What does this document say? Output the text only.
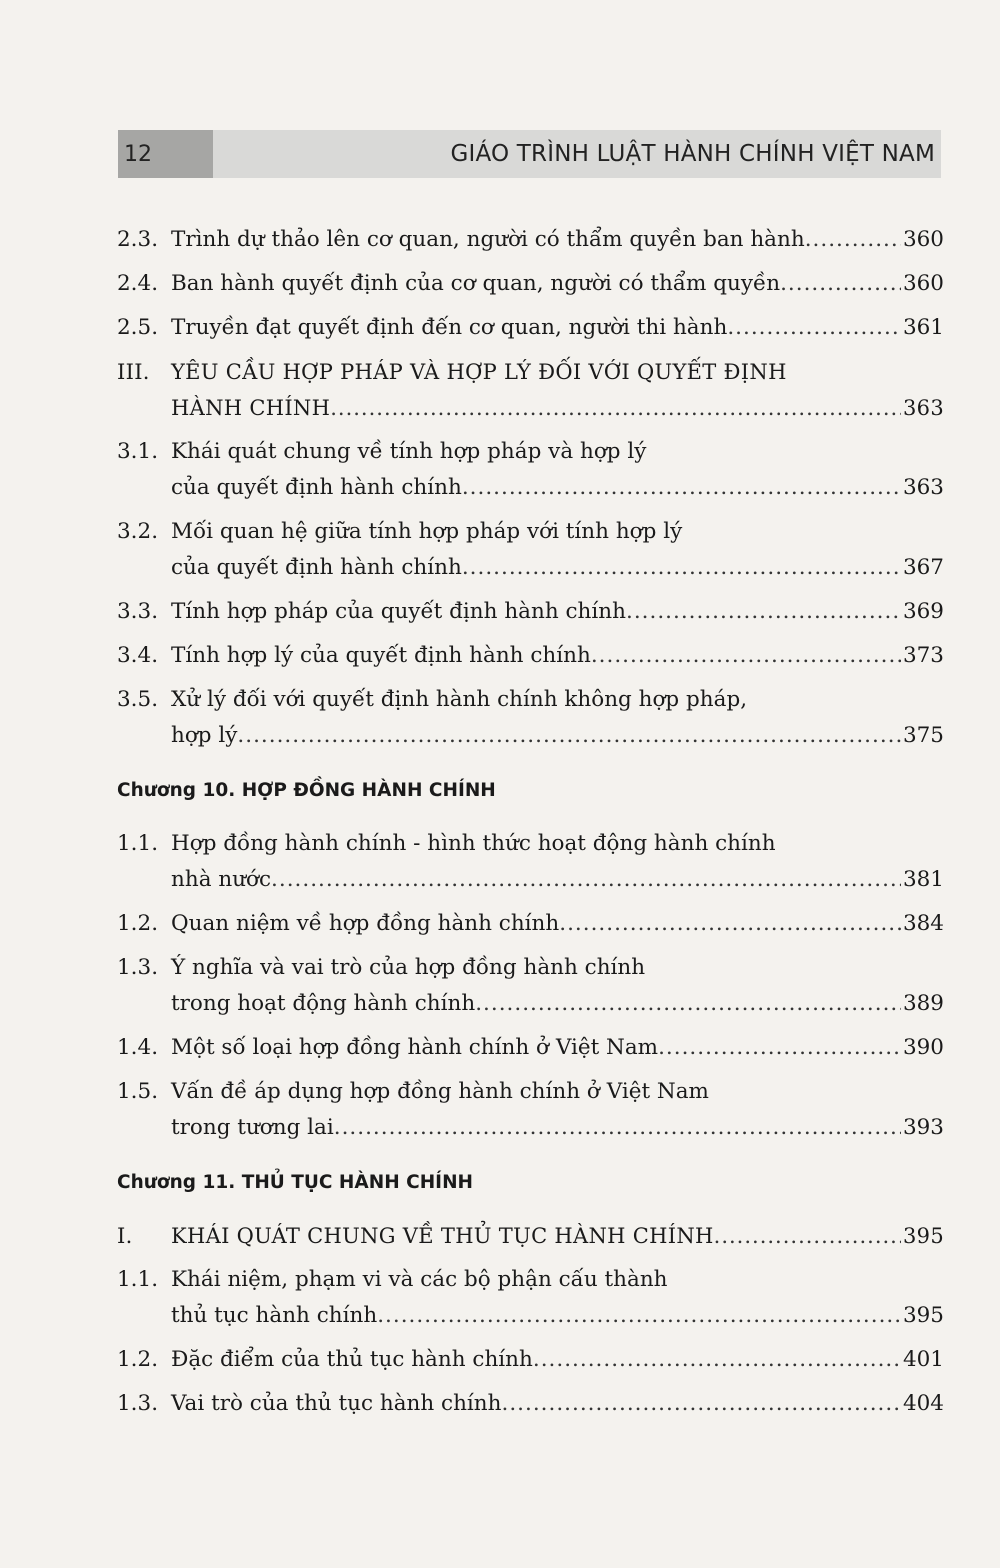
12	GIÁO TRÌNH LUẬT HÀNH CHÍNH VIỆT NAM
2.3. Trình dự thảo lên cơ quan, người có thẩm quyền ban hành .....	360
2.4. Ban hành quyết định của cơ quan, người có thẩm quyền .....	360
2.5. Truyền đạt quyết định đến cơ quan, người thi hành .....	361
III.	YÊU CẦU HỢP PHÁP VÀ HỢP LÝ ĐỐI VỚI QUYẾT ĐỊNH
HÀNH CHÍNH .....	363
3.1. Khái quát chung về tính hợp pháp và hợp lý
của quyết định hành chính .....	363
3.2. Mối quan hệ giữa tính hợp pháp với tính hợp lý
của quyết định hành chính .....	367
3.3. Tính hợp pháp của quyết định hành chính .....	369
3.4. Tính hợp lý của quyết định hành chính .....	373
3.5. Xử lý đối với quyết định hành chính không hợp pháp,
hợp lý .....	375
Chương 10. HỢP ĐỒNG HÀNH CHÍNH
1.1. Hợp đồng hành chính - hình thức hoạt động hành chính
nhà nước .....	381
1.2. Quan niệm về hợp đồng hành chính .....	384
1.3. Ý nghĩa và vai trò của hợp đồng hành chính
trong hoạt động hành chính .....	389
1.4. Một số loại hợp đồng hành chính ở Việt Nam .....	390
1.5. Vấn đề áp dụng hợp đồng hành chính ở Việt Nam
trong tương lai .....	393
Chương 11. THỦ TỤC HÀNH CHÍNH
I.	KHÁI QUÁT CHUNG VỀ THỦ TỤC HÀNH CHÍNH .....	395
1.1. Khái niệm, phạm vi và các bộ phận cấu thành
thủ tục hành chính .....	395
1.2. Đặc điểm của thủ tục hành chính .....	401
1.3. Vai trò của thủ tục hành chính .....	404
